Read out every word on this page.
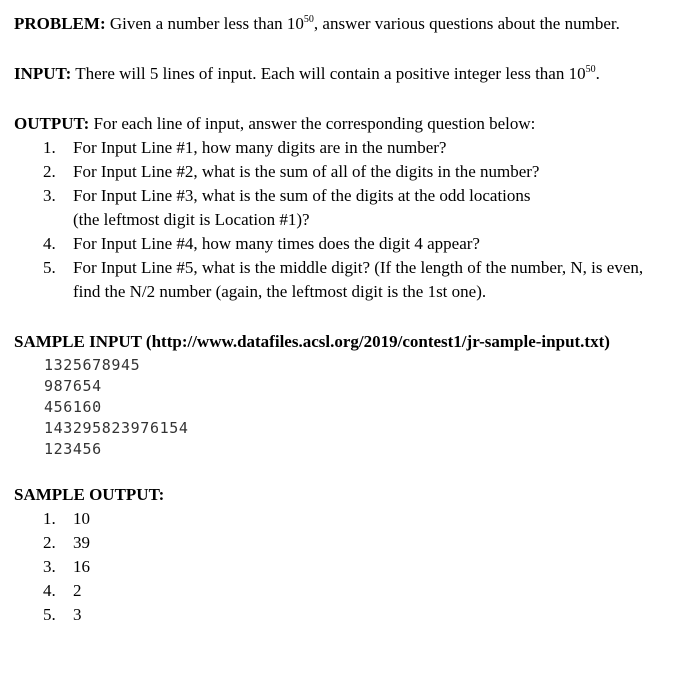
PROBLEM: Given a number less than $10^{50}$, answer various questions about the number.
INPUT: There will 5 lines of input. Each will contain a positive integer less than $10^{50}$.
OUTPUT: For each line of input, answer the corresponding question below:
1. For Input Line #1, how many digits are in the number?
2. For Input Line #2, what is the sum of all of the digits in the number?
3. For Input Line #3, what is the sum of the digits at the odd locations
(the leftmost digit is Location #1)?
4. For Input Line #4, how many times does the digit 4 appear?
5. For Input Line #5, what is the middle digit? (If the length of the number, N, is even,
find the N/2 number (again, the leftmost digit is the 1st one).
SAMPLE INPUT (http://www.datafiles.acsl.org/2019/contest1/jr-sample-input.txt)
1325678945
987654
456160
143295823976154
123456
SAMPLE OUTPUT:
1. 10
2. 39
3. 16
4. 2
5. 3
